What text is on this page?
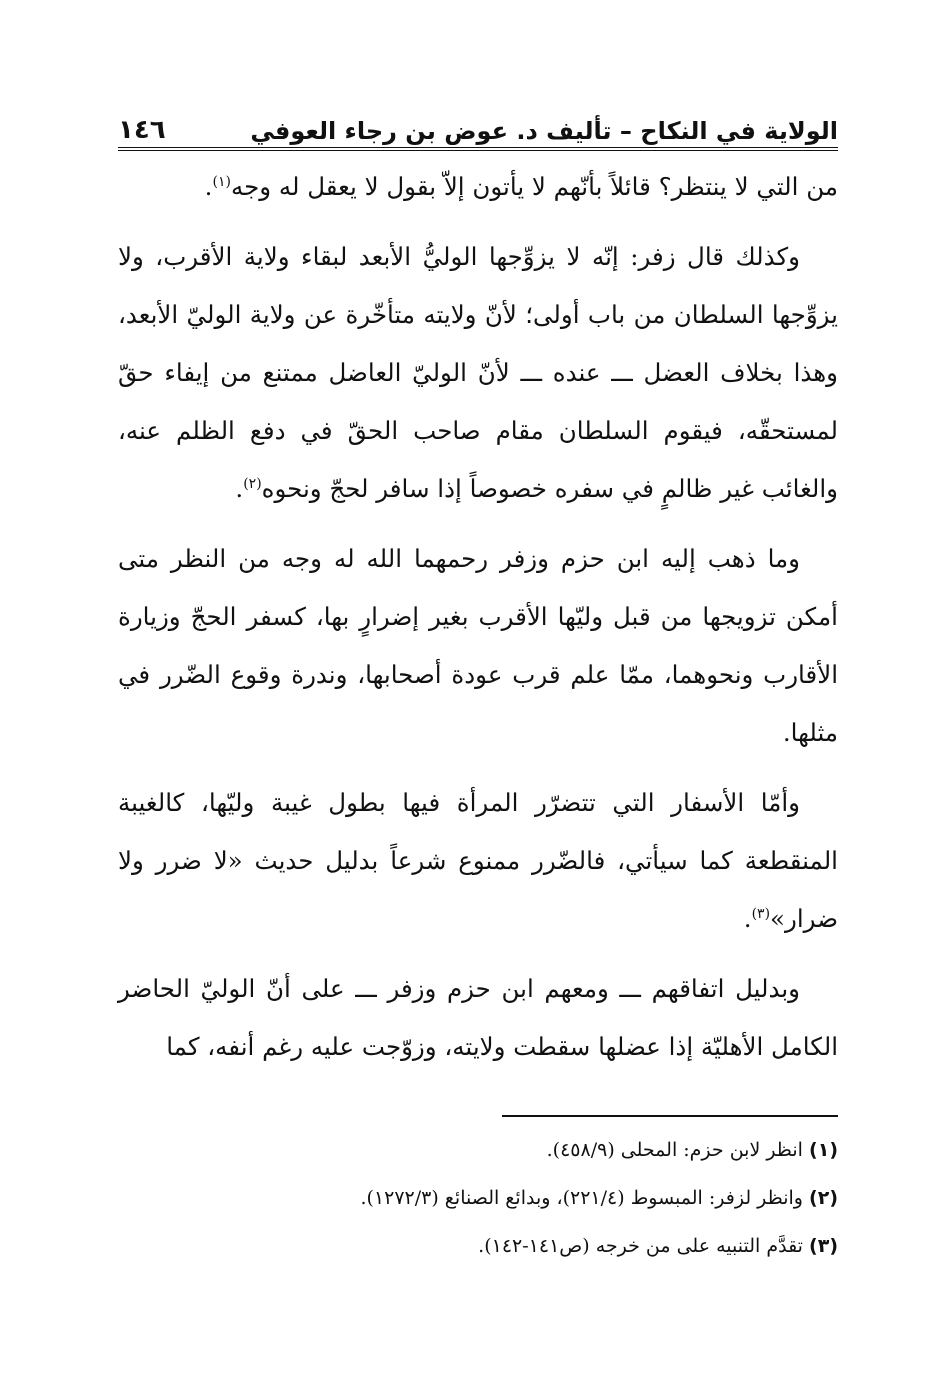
الولاية في النكاح – تأليف د. عوض بن رجاء العوفي
١٤٦

من التي لا ينتظر؟ قائلاً بأنّهم لا يأتون إلاّ بقول لا يعقل له وجه$^{(١)}$.

وكذلك قال زفر: إنّه لا يزوِّجها الوليُّ الأبعد لبقاء ولاية الأقرب، ولا يزوِّجها السلطان من باب أولى؛ لأنّ ولايته متأخّرة عن ولاية الوليّ الأبعد، وهذا بخلاف العضل ـــ عنده ـــ لأنّ الوليّ العاضل ممتنع من إيفاء حقّ لمستحقّه، فيقوم السلطان مقام صاحب الحقّ في دفع الظلم عنه، والغائب غير ظالمٍ في سفره خصوصاً إذا سافر لحجّ ونحوه$^{(٢)}$.

وما ذهب إليه ابن حزم وزفر رحمهما الله له وجه من النظر متى أمكن تزويجها من قبل وليّها الأقرب بغير إضرارٍ بها، كسفر الحجّ وزيارة الأقارب ونحوهما، ممّا علم قرب عودة أصحابها، وندرة وقوع الضّرر في مثلها.

وأمّا الأسفار التي تتضرّر المرأة فيها بطول غيبة وليّها، كالغيبة المنقطعة كما سيأتي، فالضّرر ممنوع شرعاً بدليل حديث «لا ضرر ولا ضرار»$^{(٣)}$.

وبدليل اتفاقهم ـــ ومعهم ابن حزم وزفر ـــ على أنّ الوليّ الحاضر الكامل الأهليّة إذا عضلها سقطت ولايته، وزوّجت عليه رغم أنفه، كما

(١) انظر لابن حزم: المحلى (٤٥٨/٩).

(٢) وانظر لزفر: المبسوط (٢٢١/٤)، وبدائع الصنائع (١٢٧٢/٣).

(٣) تقدَّم التنبيه على من خرجه (ص١٤١-١٤٢).
